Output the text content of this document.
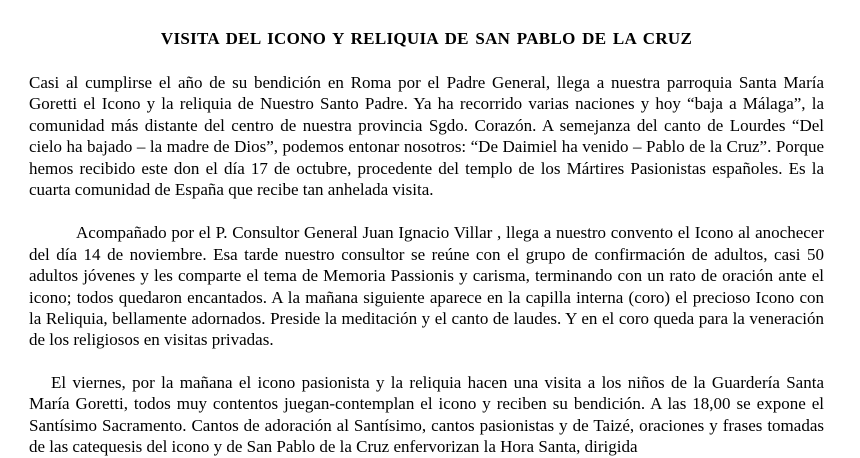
VISITA DEL ICONO Y RELIQUIA DE SAN PABLO DE LA CRUZ

Casi al cumplirse el año de su bendición en Roma por el Padre General, llega a nuestra parroquia Santa María Goretti el Icono y la reliquia de Nuestro Santo Padre. Ya ha recorrido varias naciones y hoy “baja a Málaga”, la comunidad más distante del centro de nuestra provincia Sgdo. Corazón. A semejanza del canto de Lourdes “Del cielo ha bajado – la madre de Dios”, podemos entonar nosotros: “De Daimiel ha venido – Pablo de la Cruz”. Porque hemos recibido este don el día 17 de octubre, procedente del templo de los Mártires Pasionistas españoles. Es la cuarta comunidad de España que recibe tan anhelada visita.

Acompañado por el P. Consultor General Juan Ignacio Villar , llega a nuestro convento el Icono al anochecer del día 14 de noviembre. Esa tarde nuestro consultor se reúne con el grupo de confirmación de adultos, casi 50 adultos jóvenes y les comparte el tema de Memoria Passionis y carisma, terminando con un rato de oración ante el icono; todos quedaron encantados. A la mañana siguiente aparece en la capilla interna (coro) el precioso Icono con la Reliquia, bellamente adornados. Preside la meditación y el canto de laudes. Y en el coro queda para la veneración de los religiosos en visitas privadas.

El viernes, por la mañana el icono pasionista y la reliquia hacen una visita a los niños de la Guardería Santa María Goretti, todos muy contentos juegan-contemplan el icono y reciben su bendición. A las 18,00 se expone el Santísimo Sacramento. Cantos de adoración al Santísimo, cantos pasionistas y de Taizé, oraciones y frases tomadas de las catequesis del icono y de San Pablo de la Cruz enfervorizan la Hora Santa, dirigida
